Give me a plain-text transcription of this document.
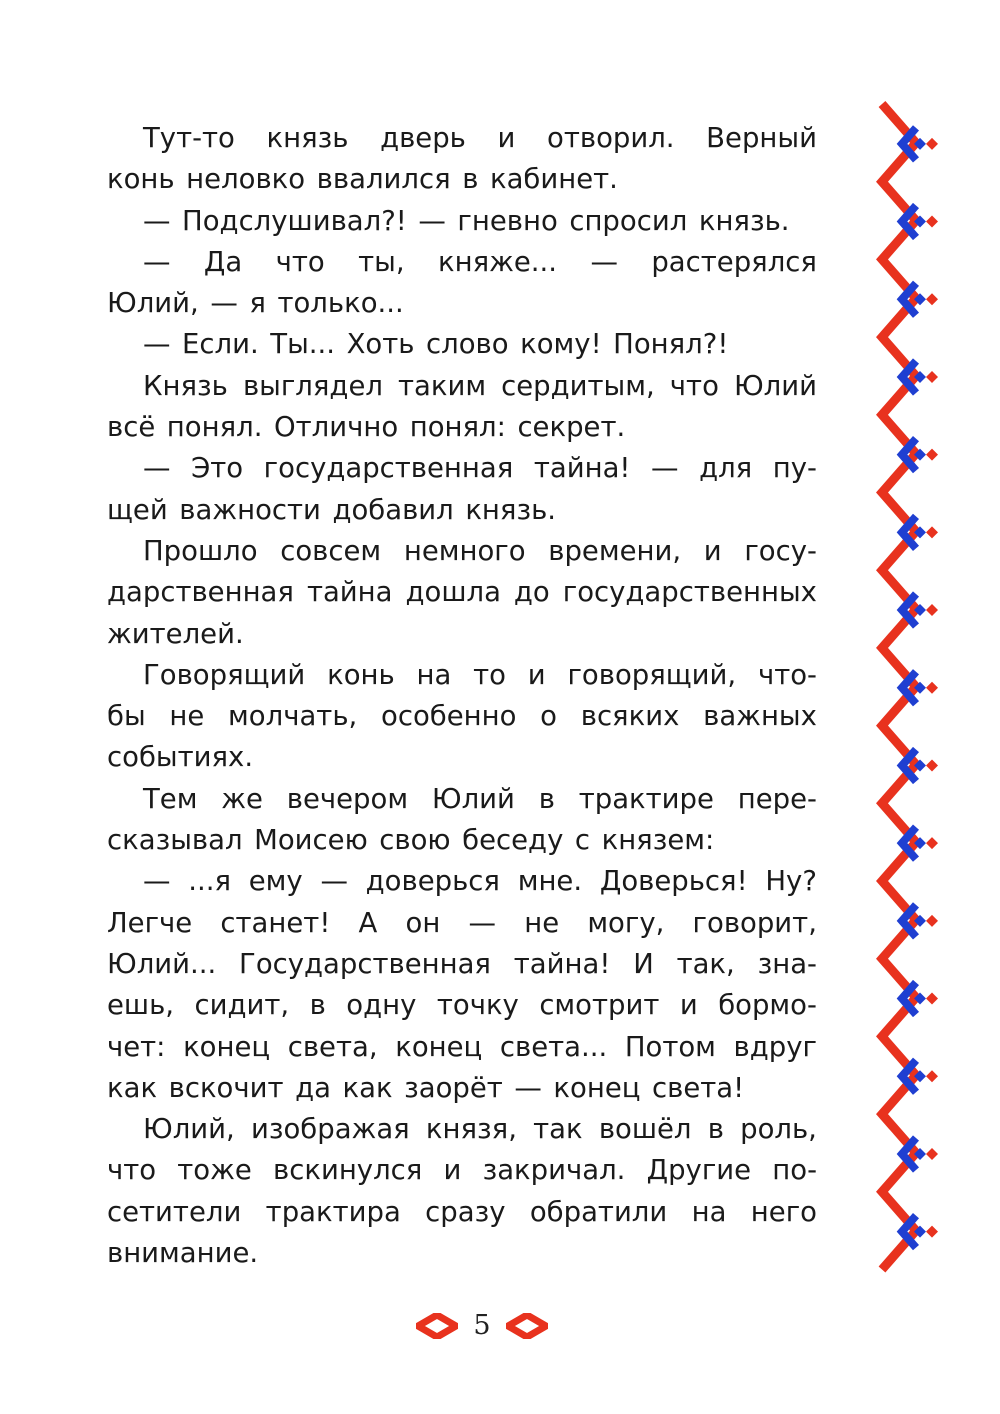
Тут-то князь дверь и отворил. Верный
конь неловко ввалился в кабинет.
— Подслушивал?! — гневно спросил князь.
— Да что ты, княже... — растерялся
Юлий, — я только...
— Если. Ты... Хоть слово кому! Понял?!
Князь выглядел таким сердитым, что Юлий
всё понял. Отлично понял: секрет.
— Это государственная тайна! — для пу-
щей важности добавил князь.
Прошло совсем немного времени, и госу-
дарственная тайна дошла до государственных
жителей.
Говорящий конь на то и говорящий, что-
бы не молчать, особенно о всяких важных
событиях.
Тем же вечером Юлий в трактире пере-
сказывал Моисею свою беседу с князем:
— ...я ему — доверься мне. Доверься! Ну?
Легче станет! А он — не могу, говорит,
Юлий... Государственная тайна! И так, зна-
ешь, сидит, в одну точку смотрит и бормо-
чет: конец света, конец света... Потом вдруг
как вскочит да как заорёт — конец света!
Юлий, изображая князя, так вошёл в роль,
что тоже вскинулся и закричал. Другие по-
сетители трактира сразу обратили на него
внимание.
5
